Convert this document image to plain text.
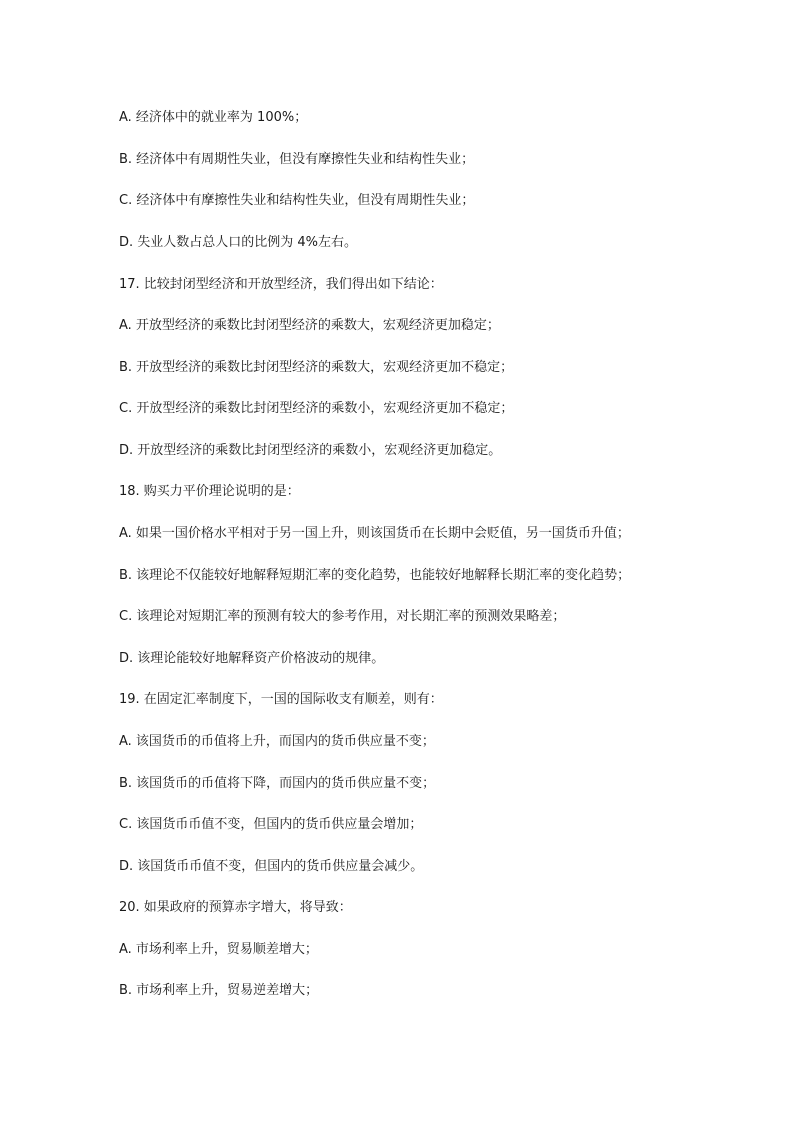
A. 经济体中的就业率为 100%；
B. 经济体中有周期性失业，但没有摩擦性失业和结构性失业；
C. 经济体中有摩擦性失业和结构性失业，但没有周期性失业；
D. 失业人数占总人口的比例为 4%左右。
17. 比较封闭型经济和开放型经济，我们得出如下结论：
A. 开放型经济的乘数比封闭型经济的乘数大，宏观经济更加稳定；
B. 开放型经济的乘数比封闭型经济的乘数大，宏观经济更加不稳定；
C. 开放型经济的乘数比封闭型经济的乘数小，宏观经济更加不稳定；
D. 开放型经济的乘数比封闭型经济的乘数小，宏观经济更加稳定。
18. 购买力平价理论说明的是：
A. 如果一国价格水平相对于另一国上升，则该国货币在长期中会贬值，另一国货币升值；
B. 该理论不仅能较好地解释短期汇率的变化趋势，也能较好地解释长期汇率的变化趋势；
C. 该理论对短期汇率的预测有较大的参考作用，对长期汇率的预测效果略差；
D. 该理论能较好地解释资产价格波动的规律。
19. 在固定汇率制度下，一国的国际收支有顺差，则有：
A. 该国货币的币值将上升，而国内的货币供应量不变；
B. 该国货币的币值将下降，而国内的货币供应量不变；
C. 该国货币币值不变，但国内的货币供应量会增加；
D. 该国货币币值不变，但国内的货币供应量会减少。
20. 如果政府的预算赤字增大，将导致：
A. 市场利率上升，贸易顺差增大；
B. 市场利率上升，贸易逆差增大；
